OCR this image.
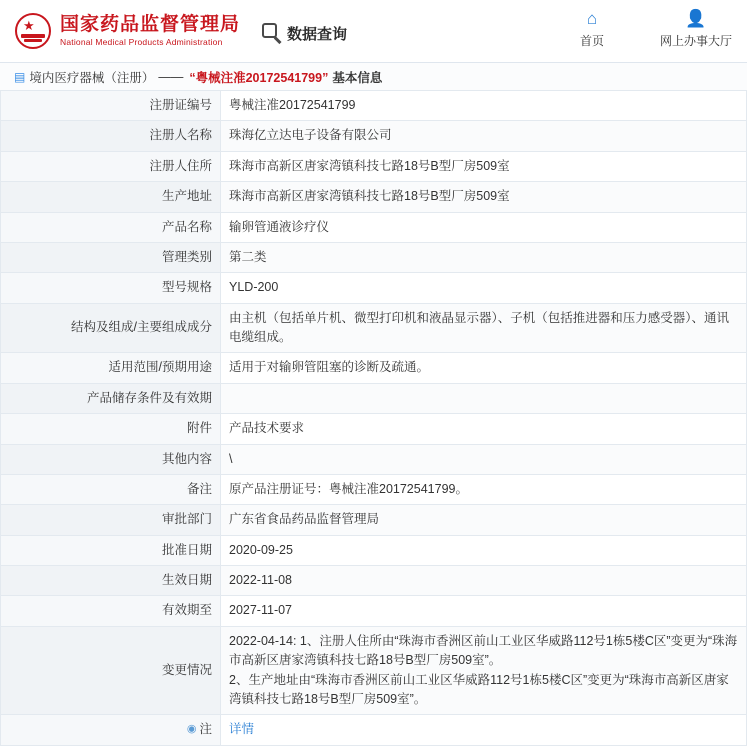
★ 国家药品监督管理局
National Medical Products Administration	数据查询
⌂
首页
👤
网上办事大厅
▤ 境内医疗器械（注册） —— “粤械注准20172541799” 基本信息
注册证编号	粤械注准20172541799
注册人名称	珠海亿立达电子设备有限公司
注册人住所	珠海市高新区唐家湾镇科技七路18号B型厂房509室
生产地址	珠海市高新区唐家湾镇科技七路18号B型厂房509室
产品名称	输卵管通液诊疗仪
管理类别	第二类
型号规格	YLD-200
结构及组成/主要组成成分	由主机（包括单片机、微型打印机和液晶显示器）、子机（包括推进器和压力感受器）、通讯电缆组成。
适用范围/预期用途	适用于对输卵管阻塞的诊断及疏通。
产品储存条件及有效期	
附件	产品技术要求
其他内容	\
备注	原产品注册证号：粤械注准20172541799。
审批部门	广东省食品药品监督管理局
批准日期	2020-09-25
生效日期	2022-11-08
有效期至	2027-11-07
变更情况	2022-04-14: 1、注册人住所由“珠海市香洲区前山工业区华威路112号1栋5楼C区”变更为“珠海市高新区唐家湾镇科技七路18号B型厂房509室”。
2、生产地址由“珠海市香洲区前山工业区华威路112号1栋5楼C区”变更为“珠海市高新区唐家湾镇科技七路18号B型厂房509室”。

◉ 注	详情
